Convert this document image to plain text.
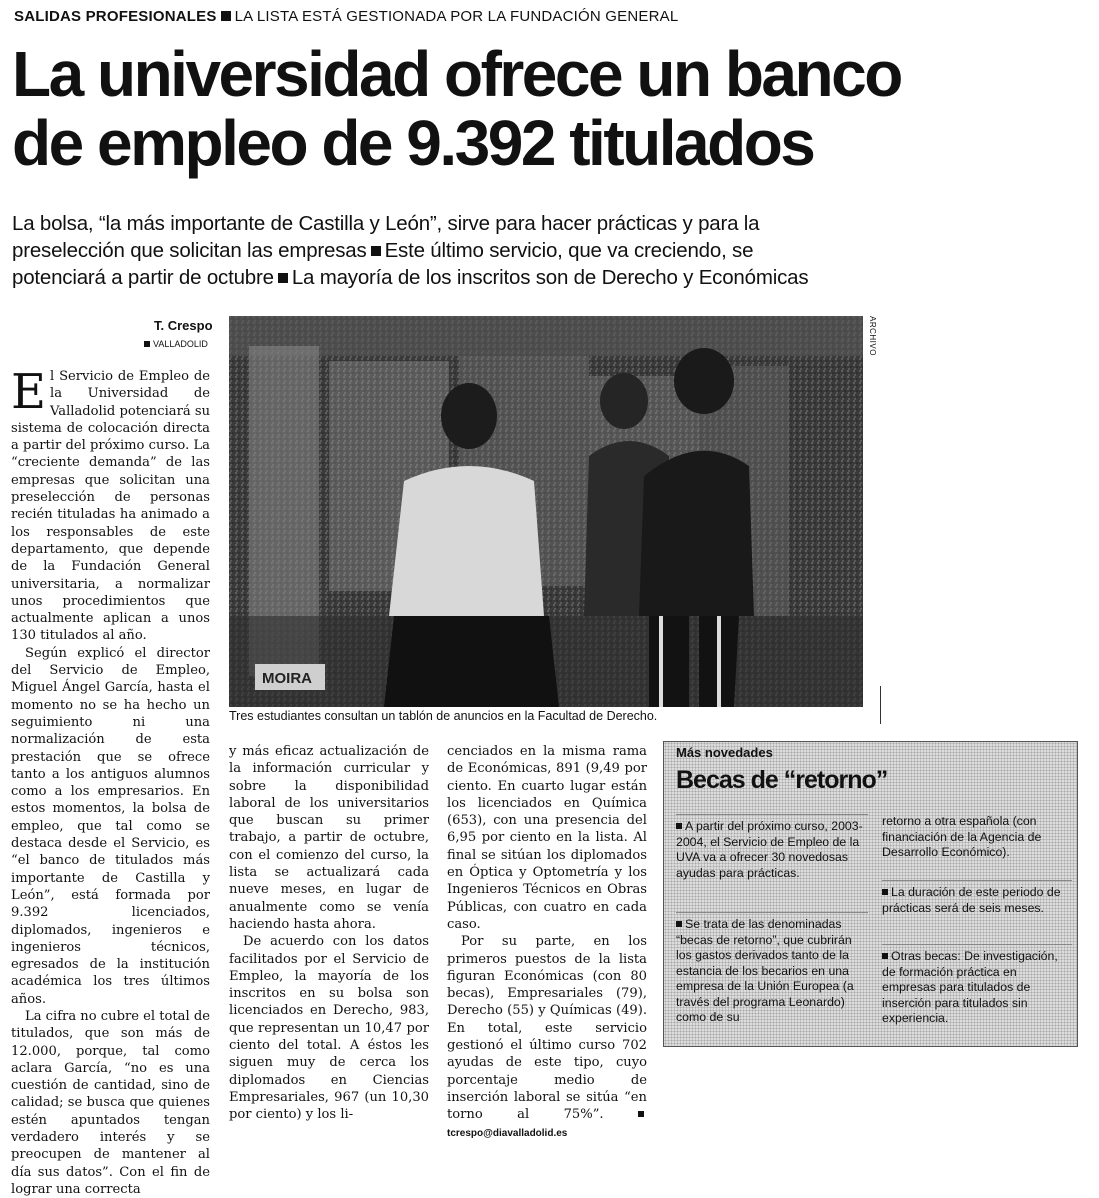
SALIDAS PROFESIONALES LA LISTA ESTÁ GESTIONADA POR LA FUNDACIÓN GENERAL
La universidad ofrece un banco
de empleo de 9.392 titulados
La bolsa, “la más importante de Castilla y León”, sirve para hacer prácticas y para la
preselección que solicitan las empresas Este último servicio, que va creciendo, se
potenciará a partir de octubre La mayoría de los inscritos son de Derecho y Económicas
T. Crespo
VALLADOLID

El Servicio de Empleo de la Universidad de Valladolid potenciará su sistema de colocación directa a partir del próximo curso. La “creciente demanda” de las empresas que solicitan una preselección de personas recién tituladas ha animado a los responsables de este departamento, que depende de la Fundación General universitaria, a normalizar unos procedimientos que actualmente aplican a unos 130 titulados al año.

Según explicó el director del Servicio de Empleo, Miguel Ángel García, hasta el momento no se ha hecho un seguimiento ni una normalización de esta prestación que se ofrece tanto a los antiguos alumnos como a los empresarios. En estos momentos, la bolsa de empleo, que tal como se destaca desde el Servicio, es “el banco de titulados más importante de Castilla y León”, está formada por 9.392 licenciados, diplomados, ingenieros e ingenieros técnicos, egresados de la institución académica los tres últimos años.

La cifra no cubre el total de titulados, que son más de 12.000, porque, tal como aclara García, “no es una cuestión de cantidad, sino de calidad; se busca que quienes estén apuntados tengan verdadero interés y se preocupen de mantener al día sus datos”. Con el fin de lograr una correcta

MOIRA
ARCHIVO
Tres estudiantes consultan un tablón de anuncios en la Facultad de Derecho.

y más eficaz actualización de la información curricular y sobre la disponibilidad laboral de los universitarios que buscan su primer trabajo, a partir de octubre, con el comienzo del curso, la lista se actualizará cada nueve meses, en lugar de anualmente como se venía haciendo hasta ahora.

De acuerdo con los datos facilitados por el Servicio de Empleo, la mayoría de los inscritos en su bolsa son licenciados en Derecho, 983, que representan un 10,47 por ciento del total. A éstos les siguen muy de cerca los diplomados en Ciencias Empresariales, 967 (un 10,30 por ciento) y los li-

cenciados en la misma rama de Económicas, 891 (9,49 por ciento. En cuarto lugar están los licenciados en Química (653), con una presencia del 6,95 por ciento en la lista. Al final se sitúan los diplomados en Óptica y Optometría y los Ingenieros Técnicos en Obras Públicas, con cuatro en cada caso.

Por su parte, en los primeros puestos de la lista figuran Económicas (con 80 becas), Empresariales (79), Derecho (55) y Químicas (49). En total, este servicio gestionó el último curso 702 ayudas de este tipo, cuyo porcentaje medio de inserción laboral se sitúa “en torno al 75%”. tcrespo@diavalladolid.es

Más novedades
Becas de “retorno”
A partir del próximo curso, 2003-2004, el Servicio de Empleo de la UVA va a ofrecer 30 novedosas ayudas para prácticas.
Se trata de las denominadas “becas de retorno”, que cubrirán los gastos derivados tanto de la estancia de los becarios en una empresa de la Unión Europea (a través del programa Leonardo) como de su
retorno a otra española (con financiación de la Agencia de Desarrollo Económico).
La duración de este periodo de prácticas será de seis meses.
Otras becas: De investigación, de formación práctica en empresas para titulados de inserción para titulados sin experiencia.
